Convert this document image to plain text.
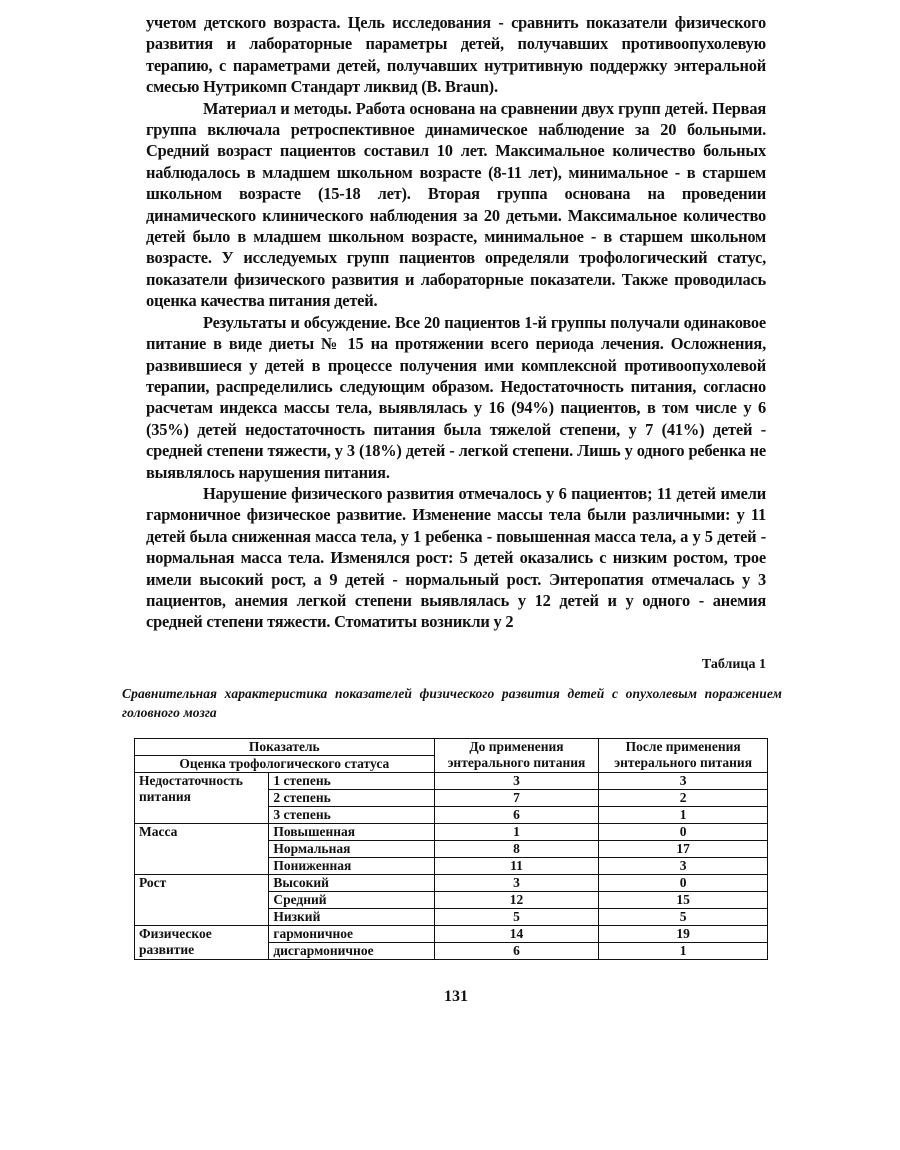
учетом детского возраста. Цель исследования - сравнить показатели физического развития и лабораторные параметры детей, получавших противоопухолевую терапию, с параметрами детей, получавших нутритивную поддержку энтеральной смесью Нутрикомп Стандарт ликвид (B. Braun).

Материал и методы. Работа основана на сравнении двух групп детей. Первая группа включала ретроспективное динамическое наблюдение за 20 больными. Средний возраст пациентов составил 10 лет. Максимальное количество больных наблюдалось в младшем школьном возрасте (8-11 лет), минимальное - в старшем школьном возрасте (15-18 лет). Вторая группа основана на проведении динамического клинического наблюдения за 20 детьми. Максимальное количество детей было в младшем школьном возрасте, минимальное - в старшем школьном возрасте. У исследуемых групп пациентов определяли трофологический статус, показатели физического развития и лабораторные показатели. Также проводилась оценка качества питания детей.

Результаты и обсуждение. Все 20 пациентов 1-й группы получали одинаковое питание в виде диеты № 15 на протяжении всего периода лечения. Осложнения, развившиеся у детей в процессе получения ими комплексной противоопухолевой терапии, распределились следующим образом. Недостаточность питания, согласно расчетам индекса массы тела, выявлялась у 16 (94%) пациентов, в том числе у 6 (35%) детей недостаточность питания была тяжелой степени, у 7 (41%) детей - средней степени тяжести, у 3 (18%) детей - легкой степени. Лишь у одного ребенка не выявлялось нарушения питания.

Нарушение физического развития отмечалось у 6 пациентов; 11 детей имели гармоничное физическое развитие. Изменение массы тела были различными: у 11 детей была сниженная масса тела, у 1 ребенка - повышенная масса тела, а у 5 детей - нормальная масса тела. Изменялся рост: 5 детей оказались с низким ростом, трое имели высокий рост, а 9 детей - нормальный рост. Энтеропатия отмечалась у 3 пациентов, анемия легкой степени выявлялась у 12 детей и у одного - анемия средней степени тяжести. Стоматиты возникли у 2

Таблица 1
Сравнительная характеристика показателей физического развития детей с опухолевым поражением головного мозга
Показатель		До применения энтерального питания	После применения энтерального питания
Оценка трофологического статуса			
Недостаточность питания	1 степень	3	3
	2 степень	7	2
	3 степень	6	1
Масса	Повышенная	1	0
	Нормальная	8	17
	Пониженная	11	3
Рост	Высокий	3	0
	Средний	12	15
	Низкий	5	5
Физическое развитие	гармоничное	14	19
	дисгармоничное	6	1
131
